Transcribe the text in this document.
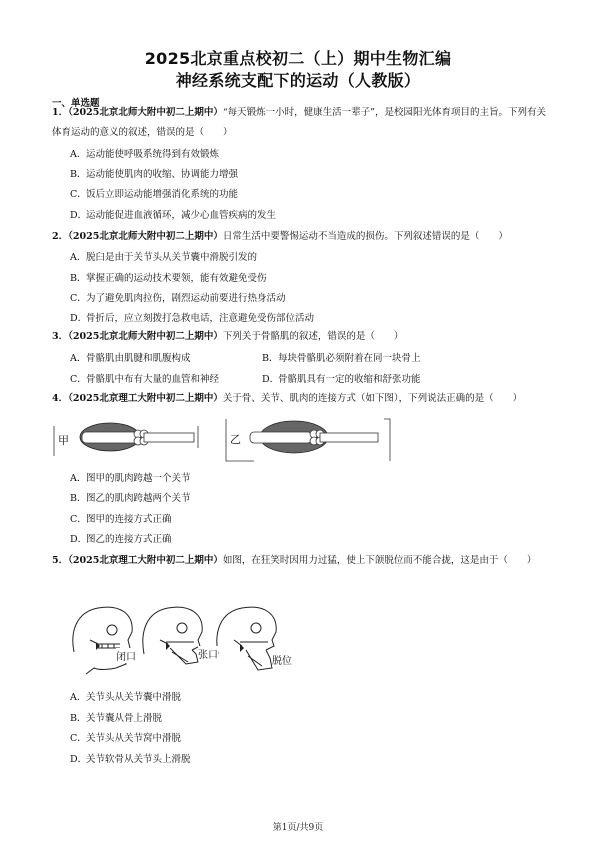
2025北京重点校初二（上）期中生物汇编
神经系统支配下的运动（人教版）
一、单选题
1．（2025北京北师大附中初二上期中）“每天锻炼一小时，健康生活一辈子”，是校园阳光体育项目的主旨。下列有关体育运动的意义的叙述，错误的是（　　）
A．运动能使呼吸系统得到有效锻炼
B．运动能使肌肉的收缩、协调能力增强
C．饭后立即运动能增强消化系统的功能
D．运动能促进血液循环，减少心血管疾病的发生
2．（2025北京北师大附中初二上期中）日常生活中要警惕运动不当造成的损伤。下列叙述错误的是（　　）
A．脱臼是由于关节头从关节囊中滑脱引发的
B．掌握正确的运动技术要领，能有效避免受伤
C．为了避免肌肉拉伤，剧烈运动前要进行热身活动
D．骨折后，应立刻拨打急救电话，注意避免受伤部位活动
3．（2025北京北师大附中初二上期中）下列关于骨骼肌的叙述，错误的是（　　）
A．骨骼肌由肌腱和肌腹构成	B．每块骨骼肌必须附着在同一块骨上
C．骨骼肌中布有大量的血管和神经	D．骨骼肌具有一定的收缩和舒张功能
4．（2025北京理工大附中初二上期中）关于骨、关节、肌肉的连接方式（如下图），下列说法正确的是（　　）
甲	乙
A．图甲的肌肉跨越一个关节
B．图乙的肌肉跨越两个关节
C．图甲的连接方式正确
D．图乙的连接方式正确
5．（2025北京理工大附中初二上期中）如图，在狂笑时因用力过猛，使上下颌脱位而不能合拢，这是由于（　　）
闭口	张口
脱位
A．关节头从关节囊中滑脱
B．关节囊从骨上滑脱
C．关节头从关节窝中滑脱
D．关节软骨从关节头上滑脱
第1页/共9页
